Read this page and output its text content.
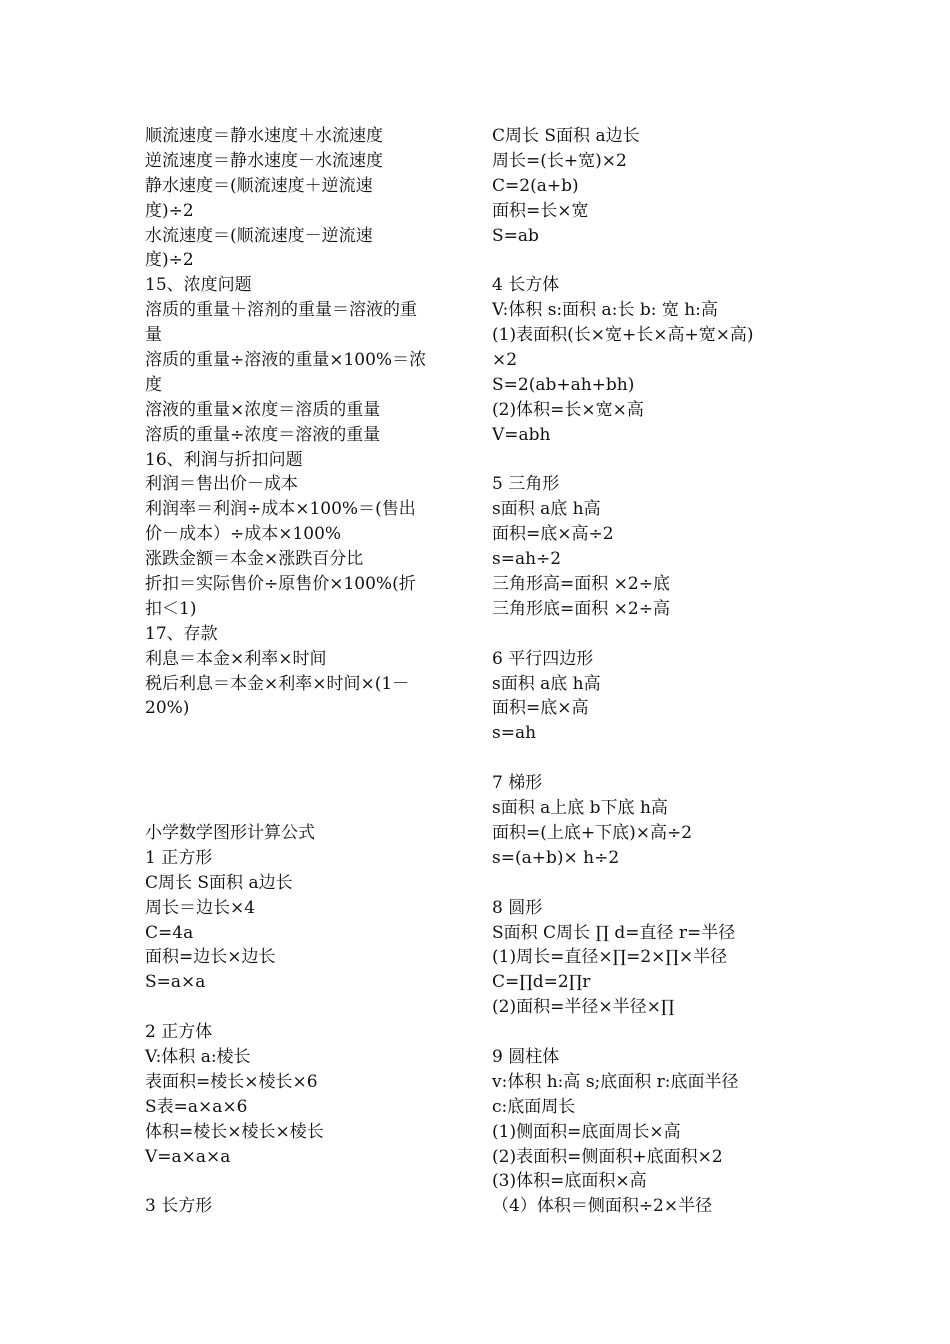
顺流速度＝静水速度＋水流速度
逆流速度＝静水速度－水流速度
静水速度＝(顺流速度＋逆流速
度)÷2
水流速度＝(顺流速度－逆流速
度)÷2
15、浓度问题
溶质的重量＋溶剂的重量＝溶液的重
量
溶质的重量÷溶液的重量×100%＝浓
度
溶液的重量×浓度＝溶质的重量
溶质的重量÷浓度＝溶液的重量
16、利润与折扣问题
利润＝售出价－成本
利润率＝利润÷成本×100%＝(售出
价－成本）÷成本×100%
涨跌金额＝本金×涨跌百分比
折扣＝实际售价÷原售价×100%(折
扣＜1)
17、存款
利息＝本金×利率×时间
税后利息＝本金×利率×时间×(1－
20%)
小学数学图形计算公式
1 正方形
C周长 S面积 a边长
周长＝边长×4
C=4a
面积=边长×边长
S=a×a
2 正方体
V:体积 a:棱长
表面积=棱长×棱长×6
S表=a×a×6
体积=棱长×棱长×棱长
V=a×a×a
3 长方形
C周长 S面积 a边长
周长=(长+宽)×2
C=2(a+b)
面积=长×宽
S=ab
4 长方体
V:体积 s:面积 a:长 b: 宽 h:高
(1)表面积(长×宽+长×高+宽×高)
×2
S=2(ab+ah+bh)
(2)体积=长×宽×高
V=abh
5 三角形
s面积 a底 h高
面积=底×高÷2
s=ah÷2
三角形高=面积 ×2÷底
三角形底=面积 ×2÷高
6 平行四边形
s面积 a底 h高
面积=底×高
s=ah
7 梯形
s面积 a上底 b下底 h高
面积=(上底+下底)×高÷2
s=(a+b)× h÷2
8 圆形
S面积 C周长 ∏ d=直径 r=半径
(1)周长=直径×∏=2×∏×半径
C=∏d=2∏r
(2)面积=半径×半径×∏
9 圆柱体
v:体积 h:高 s;底面积 r:底面半径
c:底面周长
(1)侧面积=底面周长×高
(2)表面积=侧面积+底面积×2
(3)体积=底面积×高
（4）体积＝侧面积÷2×半径
